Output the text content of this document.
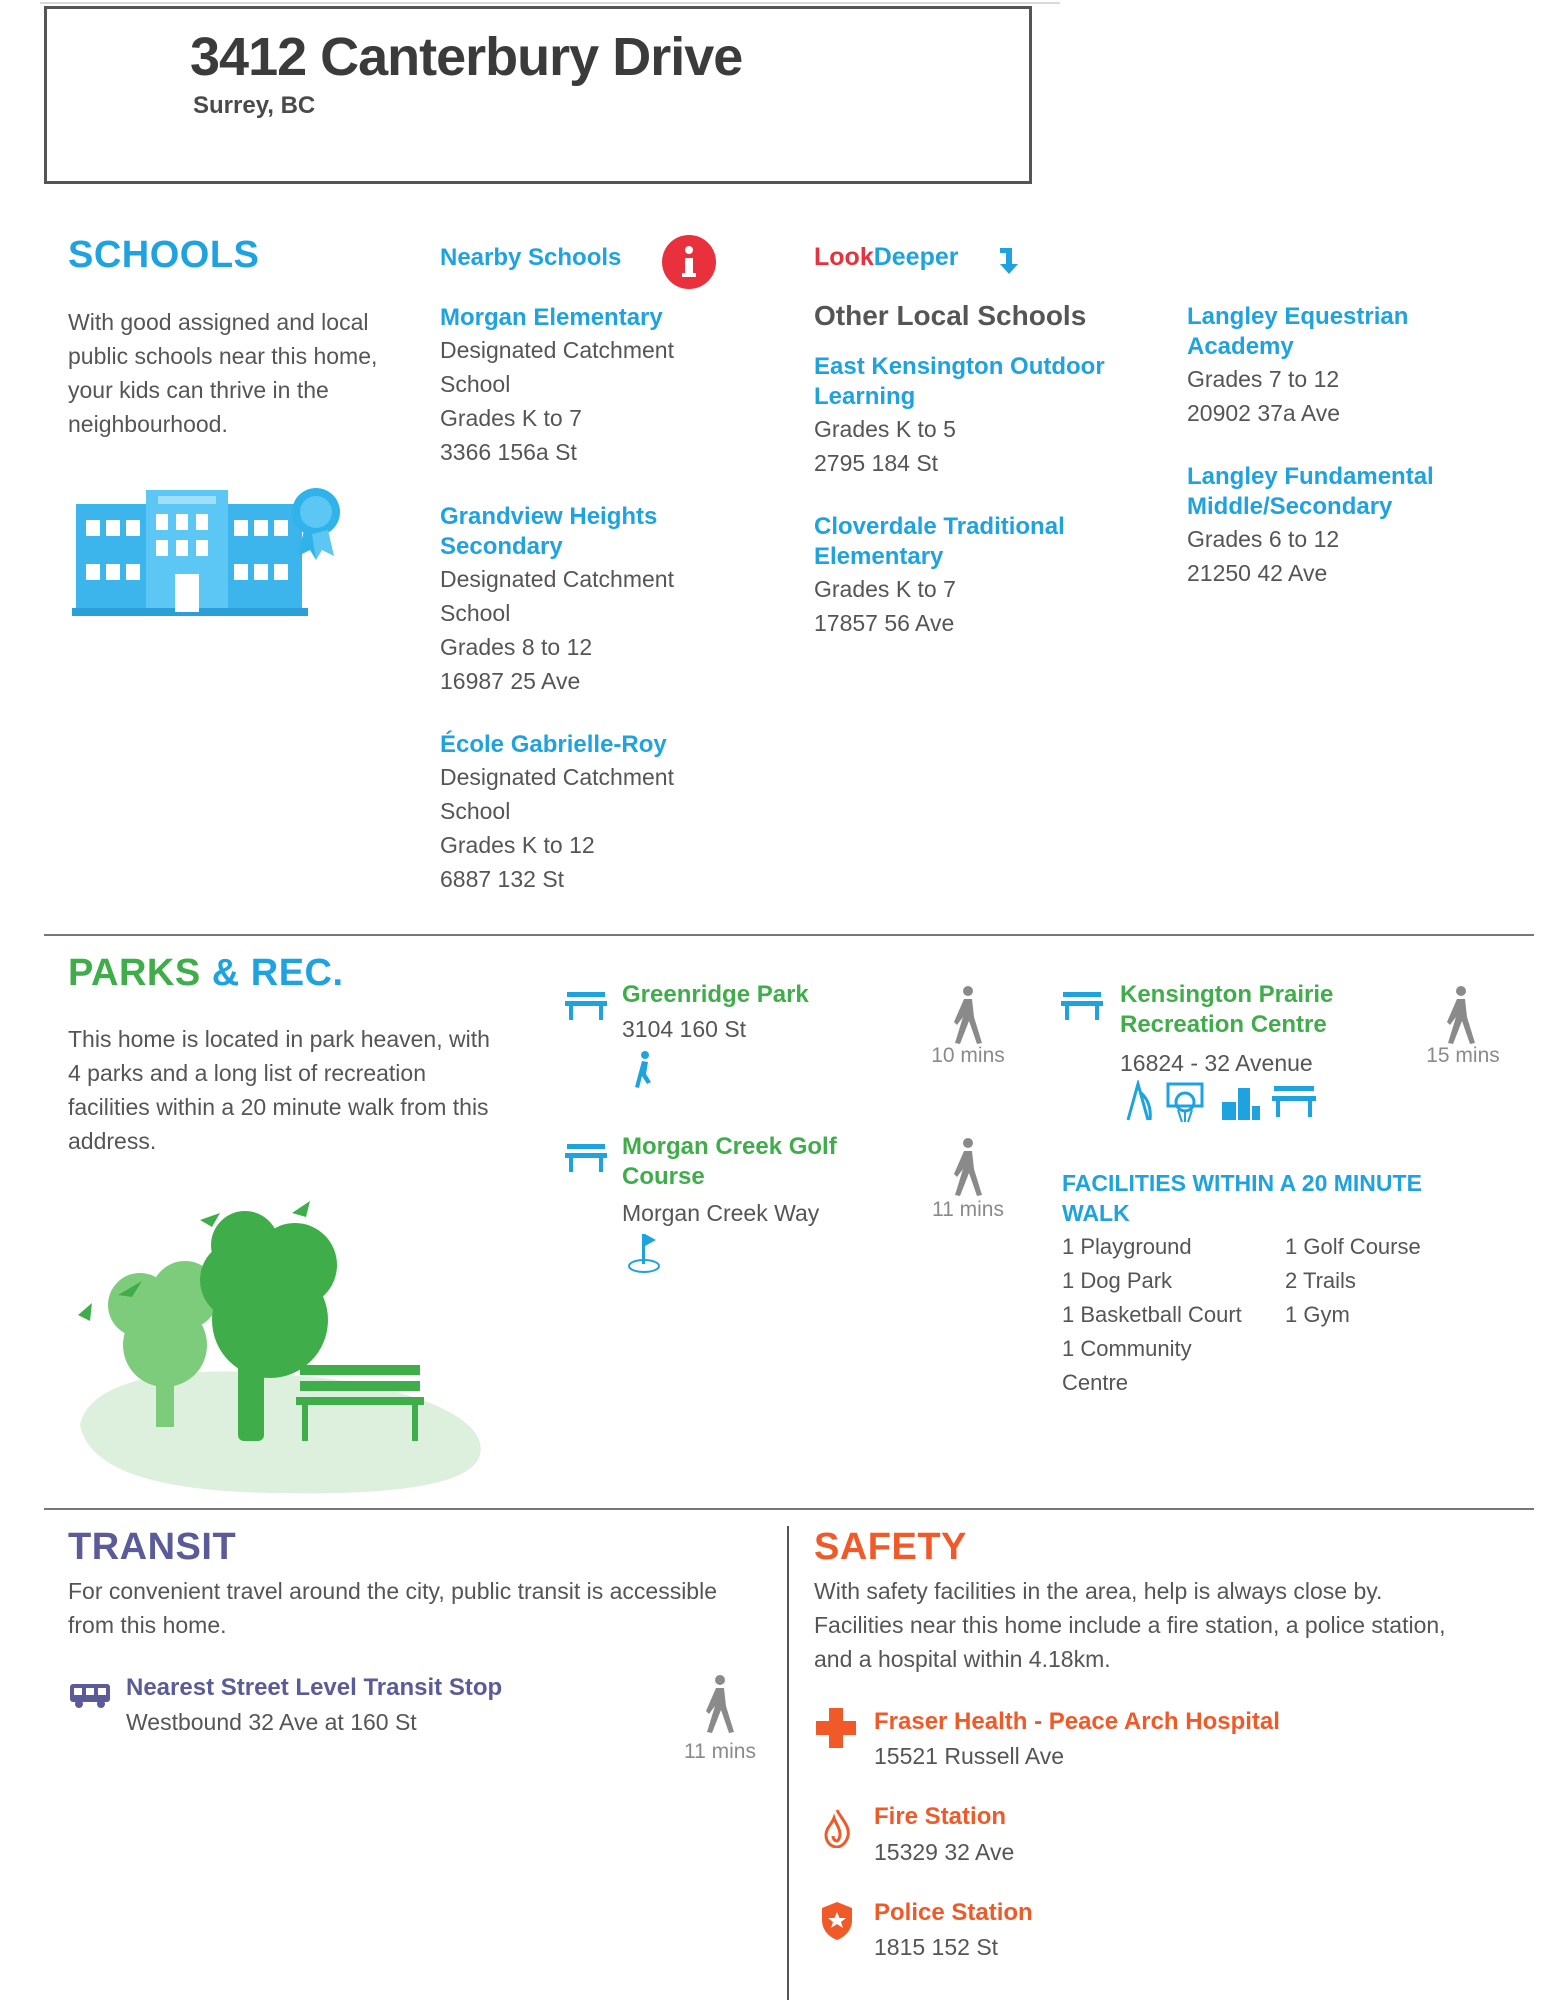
3412 Canterbury Drive
Surrey, BC
SCHOOLS
With good assigned and local public schools near this home, your kids can thrive in the neighbourhood.
Nearby Schools
Morgan Elementary
Designated Catchment
School
Grades K to 7
3366 156a St
Grandview Heights
Secondary
Designated Catchment
School
Grades 8 to 12
16987 25 Ave
École Gabrielle-Roy
Designated Catchment
School
Grades K to 12
6887 132 St
LookDeeper
Other Local Schools
East Kensington Outdoor
Learning
Grades K to 5
2795 184 St
Cloverdale Traditional
Elementary
Grades K to 7
17857 56 Ave
Langley Equestrian
Academy
Grades 7 to 12
20902 37a Ave
Langley Fundamental
Middle/Secondary
Grades 6 to 12
21250 42 Ave
PARKS & REC.
This home is located in park heaven, with 4 parks and a long list of recreation facilities within a 20 minute walk from this address.
Greenridge Park
3104 160 St
10 mins
Morgan Creek Golf
Course
Morgan Creek Way	11 mins
Kensington Prairie
Recreation Centre
16824 - 32 Avenue	15 mins
FACILITIES WITHIN A 20 MINUTE
WALK
1 Playground
1 Dog Park
1 Basketball Court
1 Community
Centre
1 Golf Course
2 Trails
1 Gym
TRANSIT
For convenient travel around the city, public transit is accessible
from this home.
Nearest Street Level Transit Stop
Westbound 32 Ave at 160 St
11 mins
SAFETY
With safety facilities in the area, help is always close by.
Facilities near this home include a fire station, a police station,
and a hospital within 4.18km.
Fraser Health - Peace Arch Hospital
15521 Russell Ave
Fire Station
15329 32 Ave
Police Station
1815 152 St
